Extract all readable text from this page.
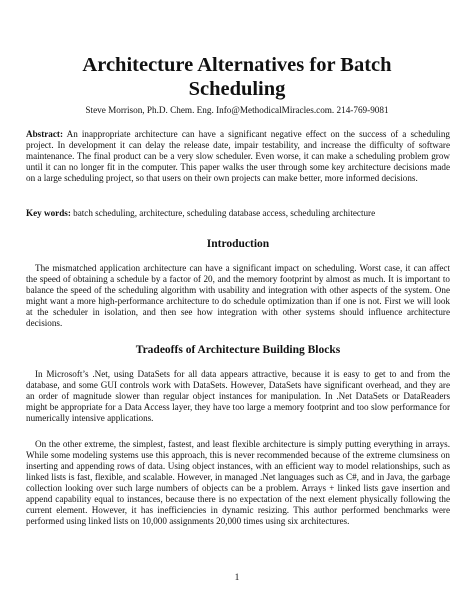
Architecture Alternatives for Batch Scheduling

Steve Morrison, Ph.D. Chem. Eng. Info@MethodicalMiracles.com. 214-769-9081

Abstract: An inappropriate architecture can have a significant negative effect on the success of a scheduling project. In development it can delay the release date, impair testability, and increase the difficulty of software maintenance. The final product can be a very slow scheduler. Even worse, it can make a scheduling problem grow until it can no longer fit in the computer. This paper walks the user through some key architecture decisions made on a large scheduling project, so that users on their own projects can make better, more informed decisions.

Key words: batch scheduling, architecture, scheduling database access, scheduling architecture

Introduction

The mismatched application architecture can have a significant impact on scheduling. Worst case, it can affect the speed of obtaining a schedule by a factor of 20, and the memory footprint by almost as much. It is important to balance the speed of the scheduling algorithm with usability and integration with other aspects of the system. One might want a more high-performance architecture to do schedule optimization than if one is not. First we will look at the scheduler in isolation, and then see how integration with other systems should influence architecture decisions.

Tradeoffs of Architecture Building Blocks

In Microsoft’s .Net, using DataSets for all data appears attractive, because it is easy to get to and from the database, and some GUI controls work with DataSets. However, DataSets have significant overhead, and they are an order of magnitude slower than regular object instances for manipulation. In .Net DataSets or DataReaders might be appropriate for a Data Access layer, they have too large a memory footprint and too slow performance for numerically intensive applications.

On the other extreme, the simplest, fastest, and least flexible architecture is simply putting everything in arrays. While some modeling systems use this approach, this is never recommended because of the extreme clumsiness on inserting and appending rows of data. Using object instances, with an efficient way to model relationships, such as linked lists is fast, flexible, and scalable. However, in managed .Net languages such as C#, and in Java, the garbage collection looking over such large numbers of objects can be a problem. Arrays + linked lists gave insertion and append capability equal to instances, because there is no expectation of the next element physically following the current element. However, it has inefficiencies in dynamic resizing. This author performed benchmarks were performed using linked lists on 10,000 assignments 20,000 times using six architectures.

1
